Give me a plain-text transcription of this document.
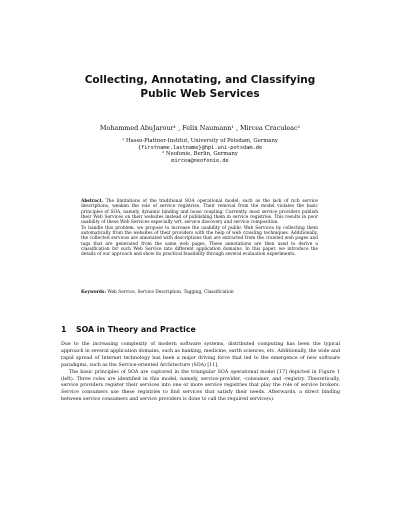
Collecting, Annotating, and Classifying
Public Web Services
Mohammed AbuJarour¹ , Felix Naumann¹ , Mircea Craculeac²
¹ Hasso-Plattner-Institut, University of Potsdam, Germany
{firstname.lastname}@hpi.uni-potsdam.de
² Neofonie, Berlin, Germany
mircea@neofonie.de

Abstract. The limitations of the traditional SOA operational model, such as the lack of rich service descriptions, weaken the role of service registries. Their removal from the model violates the basic principles of SOA, namely, dynamic binding and loose coupling. Currently, most service providers publish their Web Services on their websites instead of publishing them in service registries. This results in poor usability of these Web Services especially wrt. service discovery and service composition.

To handle this problem, we propose to increase the usability of public Web Services by collecting them automatically from the websites of their providers with the help of web crawling techniques. Additionally, the collected services are annotated with descriptions that are extracted from the crawled web pages and tags that are generated from the same web pages. These annotations are then used to derive a classification for such Web Service into different application domains. In this paper, we introduce the details of our approach and show its practical feasibility through several evaluation experiments.

Keywords: Web Service, Service Description, Tagging, Classification
1 SOA in Theory and Practice

Due to the increasing complexity of modern software systems, distributed computing has been the typical approach in several application domains, such as banking, medicine, earth sciences, etc. Additionally, the wide and rapid spread of Internet technology has been a major driving force that led to the emergence of new software paradigms, such as the Service-oriented Architecture (SOA) [11].

The basic principles of SOA are captured in the triangular SOA operational model [17] depicted in Figure 1 (left). Three roles are identified in this model, namely, service-provider, -consumer, and -registry. Theoretically, service providers register their services into one or more service registries that play the role of service brokers. Service consumers use these registries to find services that satisfy their needs. Afterwards, a direct binding between service consumers and service providers is done to call the required service(s).
